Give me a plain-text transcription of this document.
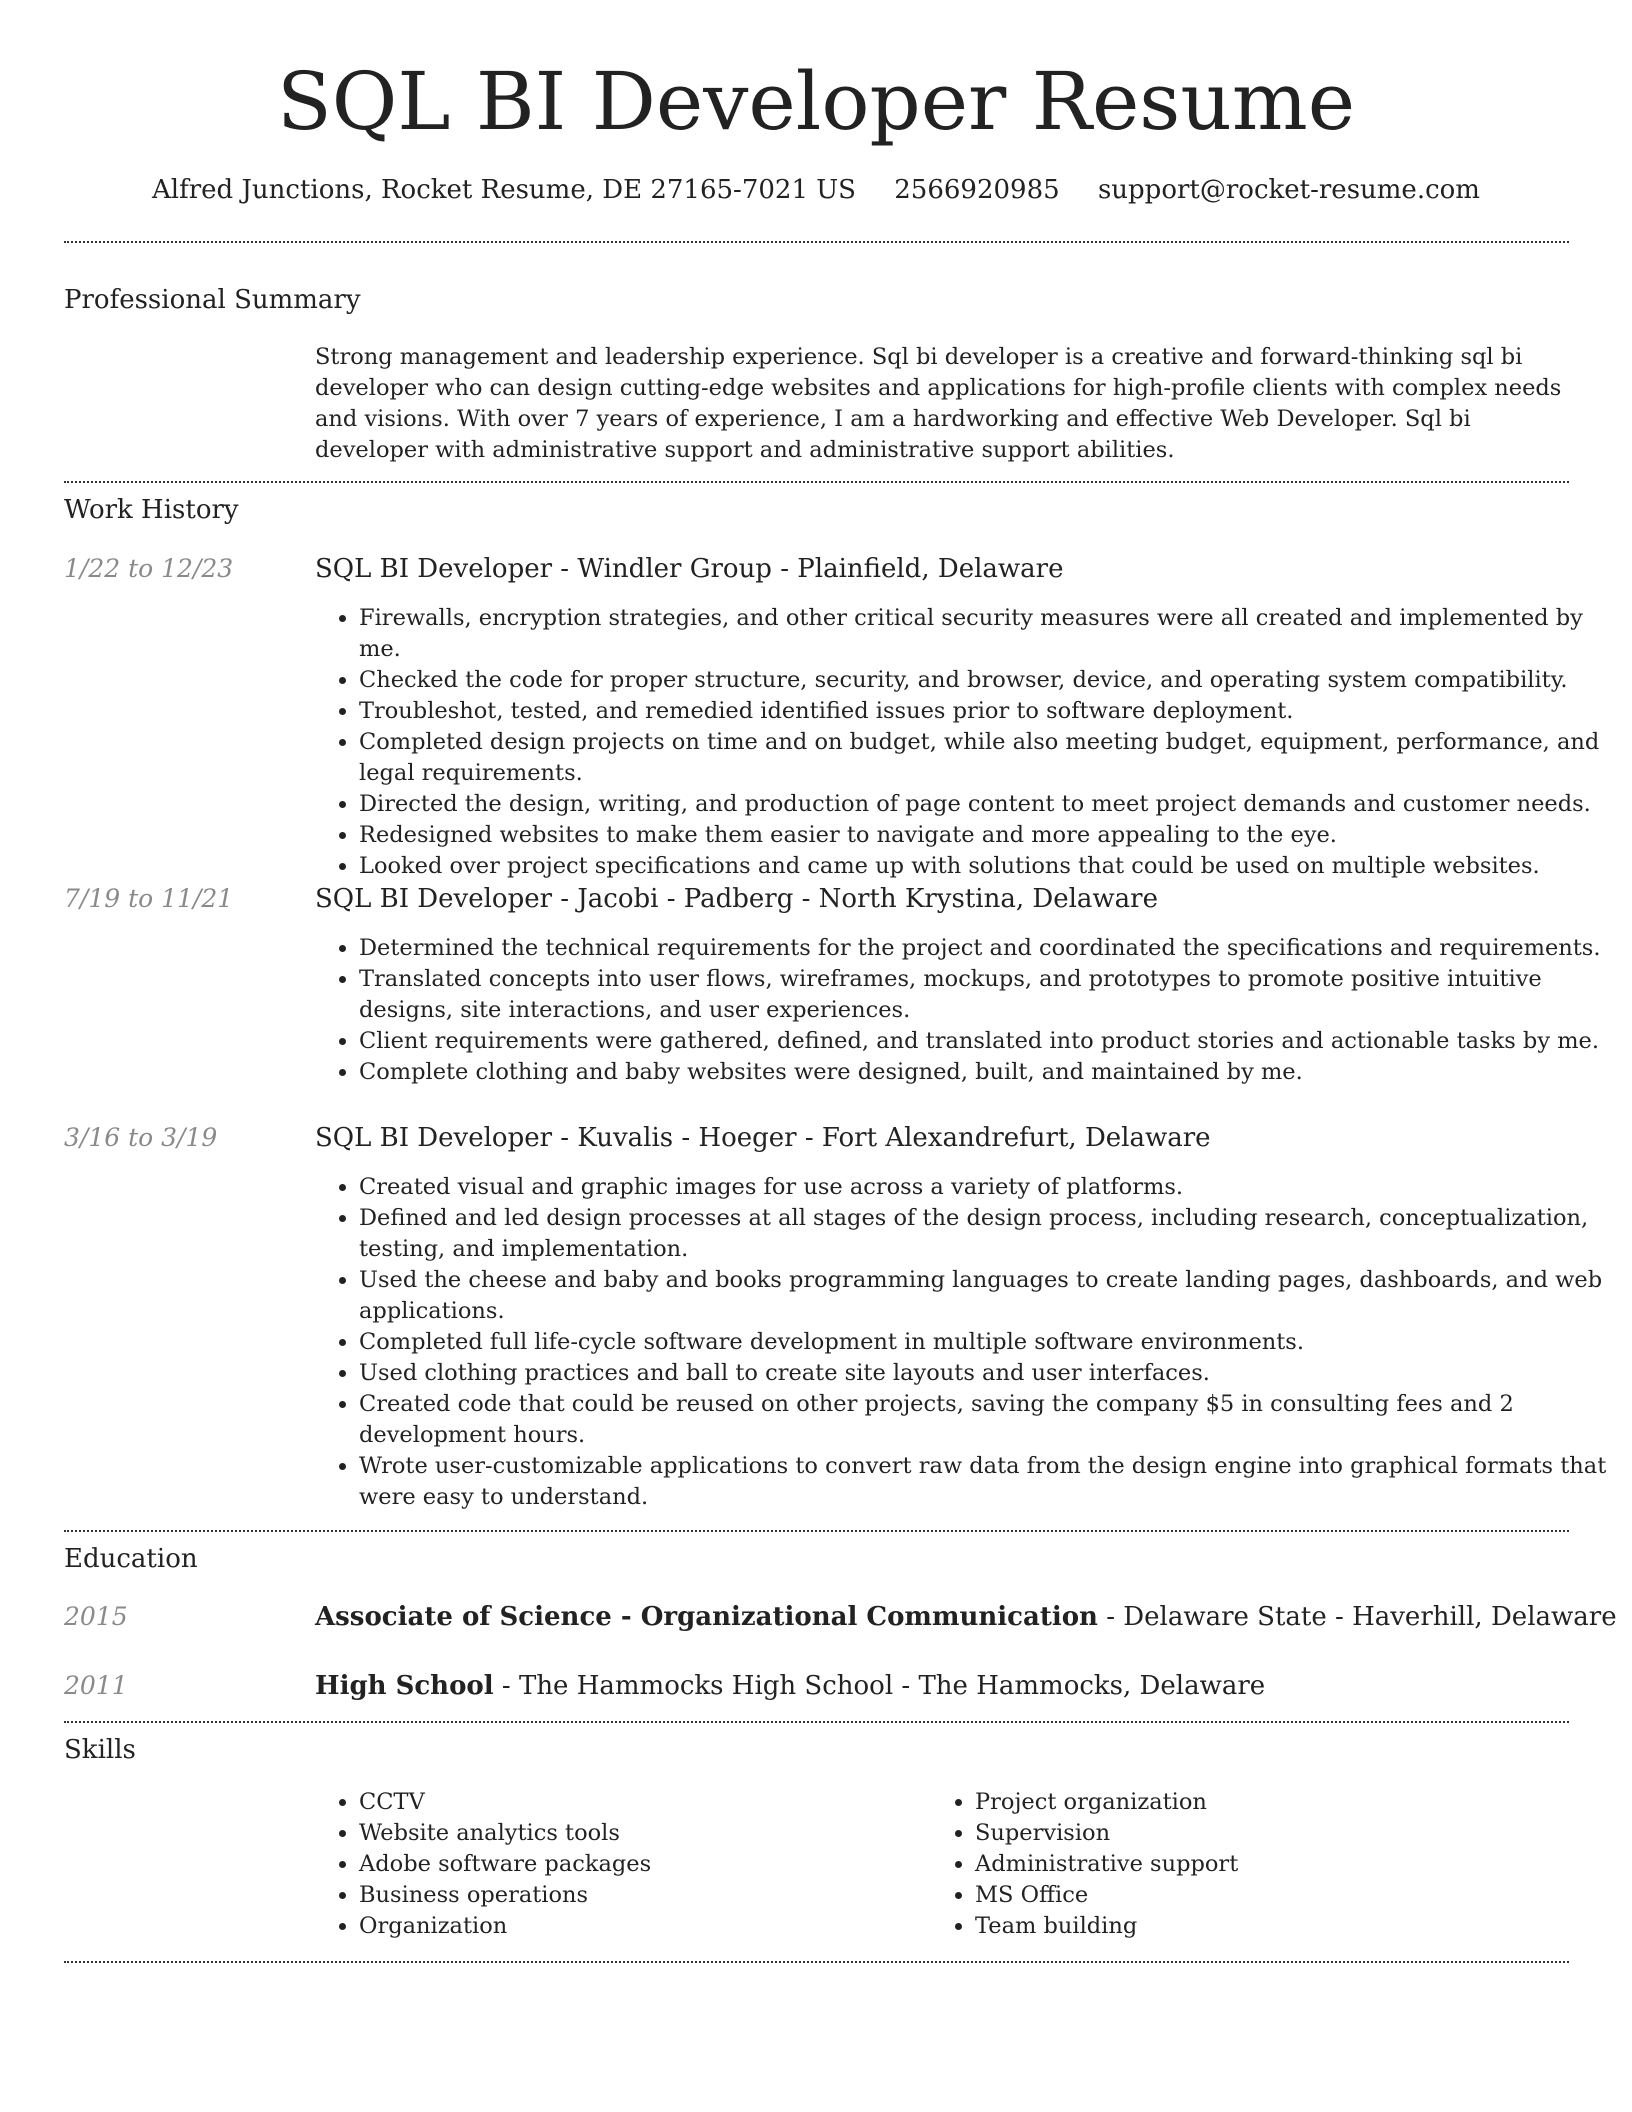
SQL BI Developer Resume
Alfred Junctions, Rocket Resume, DE 27165-7021 US 2566920985 support@rocket-resume.com
Professional Summary
Strong management and leadership experience. Sql bi developer is a creative and forward-thinking sql bi developer who can design cutting-edge websites and applications for high-profile clients with complex needs and visions. With over 7 years of experience, I am a hardworking and effective Web Developer. Sql bi developer with administrative support and administrative support abilities.
Work History
1/22 to 12/23	SQL BI Developer - Windler Group - Plainfield, Delaware
• Firewalls, encryption strategies, and other critical security measures were all created and implemented by me.
• Checked the code for proper structure, security, and browser, device, and operating system compatibility.
• Troubleshot, tested, and remedied identified issues prior to software deployment.
• Completed design projects on time and on budget, while also meeting budget, equipment, performance, and legal requirements.
• Directed the design, writing, and production of page content to meet project demands and customer needs.
• Redesigned websites to make them easier to navigate and more appealing to the eye.
• Looked over project specifications and came up with solutions that could be used on multiple websites.
7/19 to 11/21	SQL BI Developer - Jacobi - Padberg - North Krystina, Delaware
• Determined the technical requirements for the project and coordinated the specifications and requirements.
• Translated concepts into user flows, wireframes, mockups, and prototypes to promote positive intuitive designs, site interactions, and user experiences.
• Client requirements were gathered, defined, and translated into product stories and actionable tasks by me.
• Complete clothing and baby websites were designed, built, and maintained by me.
3/16 to 3/19	SQL BI Developer - Kuvalis - Hoeger - Fort Alexandrefurt, Delaware
• Created visual and graphic images for use across a variety of platforms.
• Defined and led design processes at all stages of the design process, including research, conceptualization, testing, and implementation.
• Used the cheese and baby and books programming languages to create landing pages, dashboards, and web applications.
• Completed full life-cycle software development in multiple software environments.
• Used clothing practices and ball to create site layouts and user interfaces.
• Created code that could be reused on other projects, saving the company $5 in consulting fees and 2 development hours.
• Wrote user-customizable applications to convert raw data from the design engine into graphical formats that were easy to understand.
Education
2015	Associate of Science - Organizational Communication - Delaware State - Haverhill, Delaware
2011	High School - The Hammocks High School - The Hammocks, Delaware
Skills
• CCTV
• Website analytics tools
• Adobe software packages
• Business operations
• Organization
• Project organization
• Supervision
• Administrative support
• MS Office
• Team building
